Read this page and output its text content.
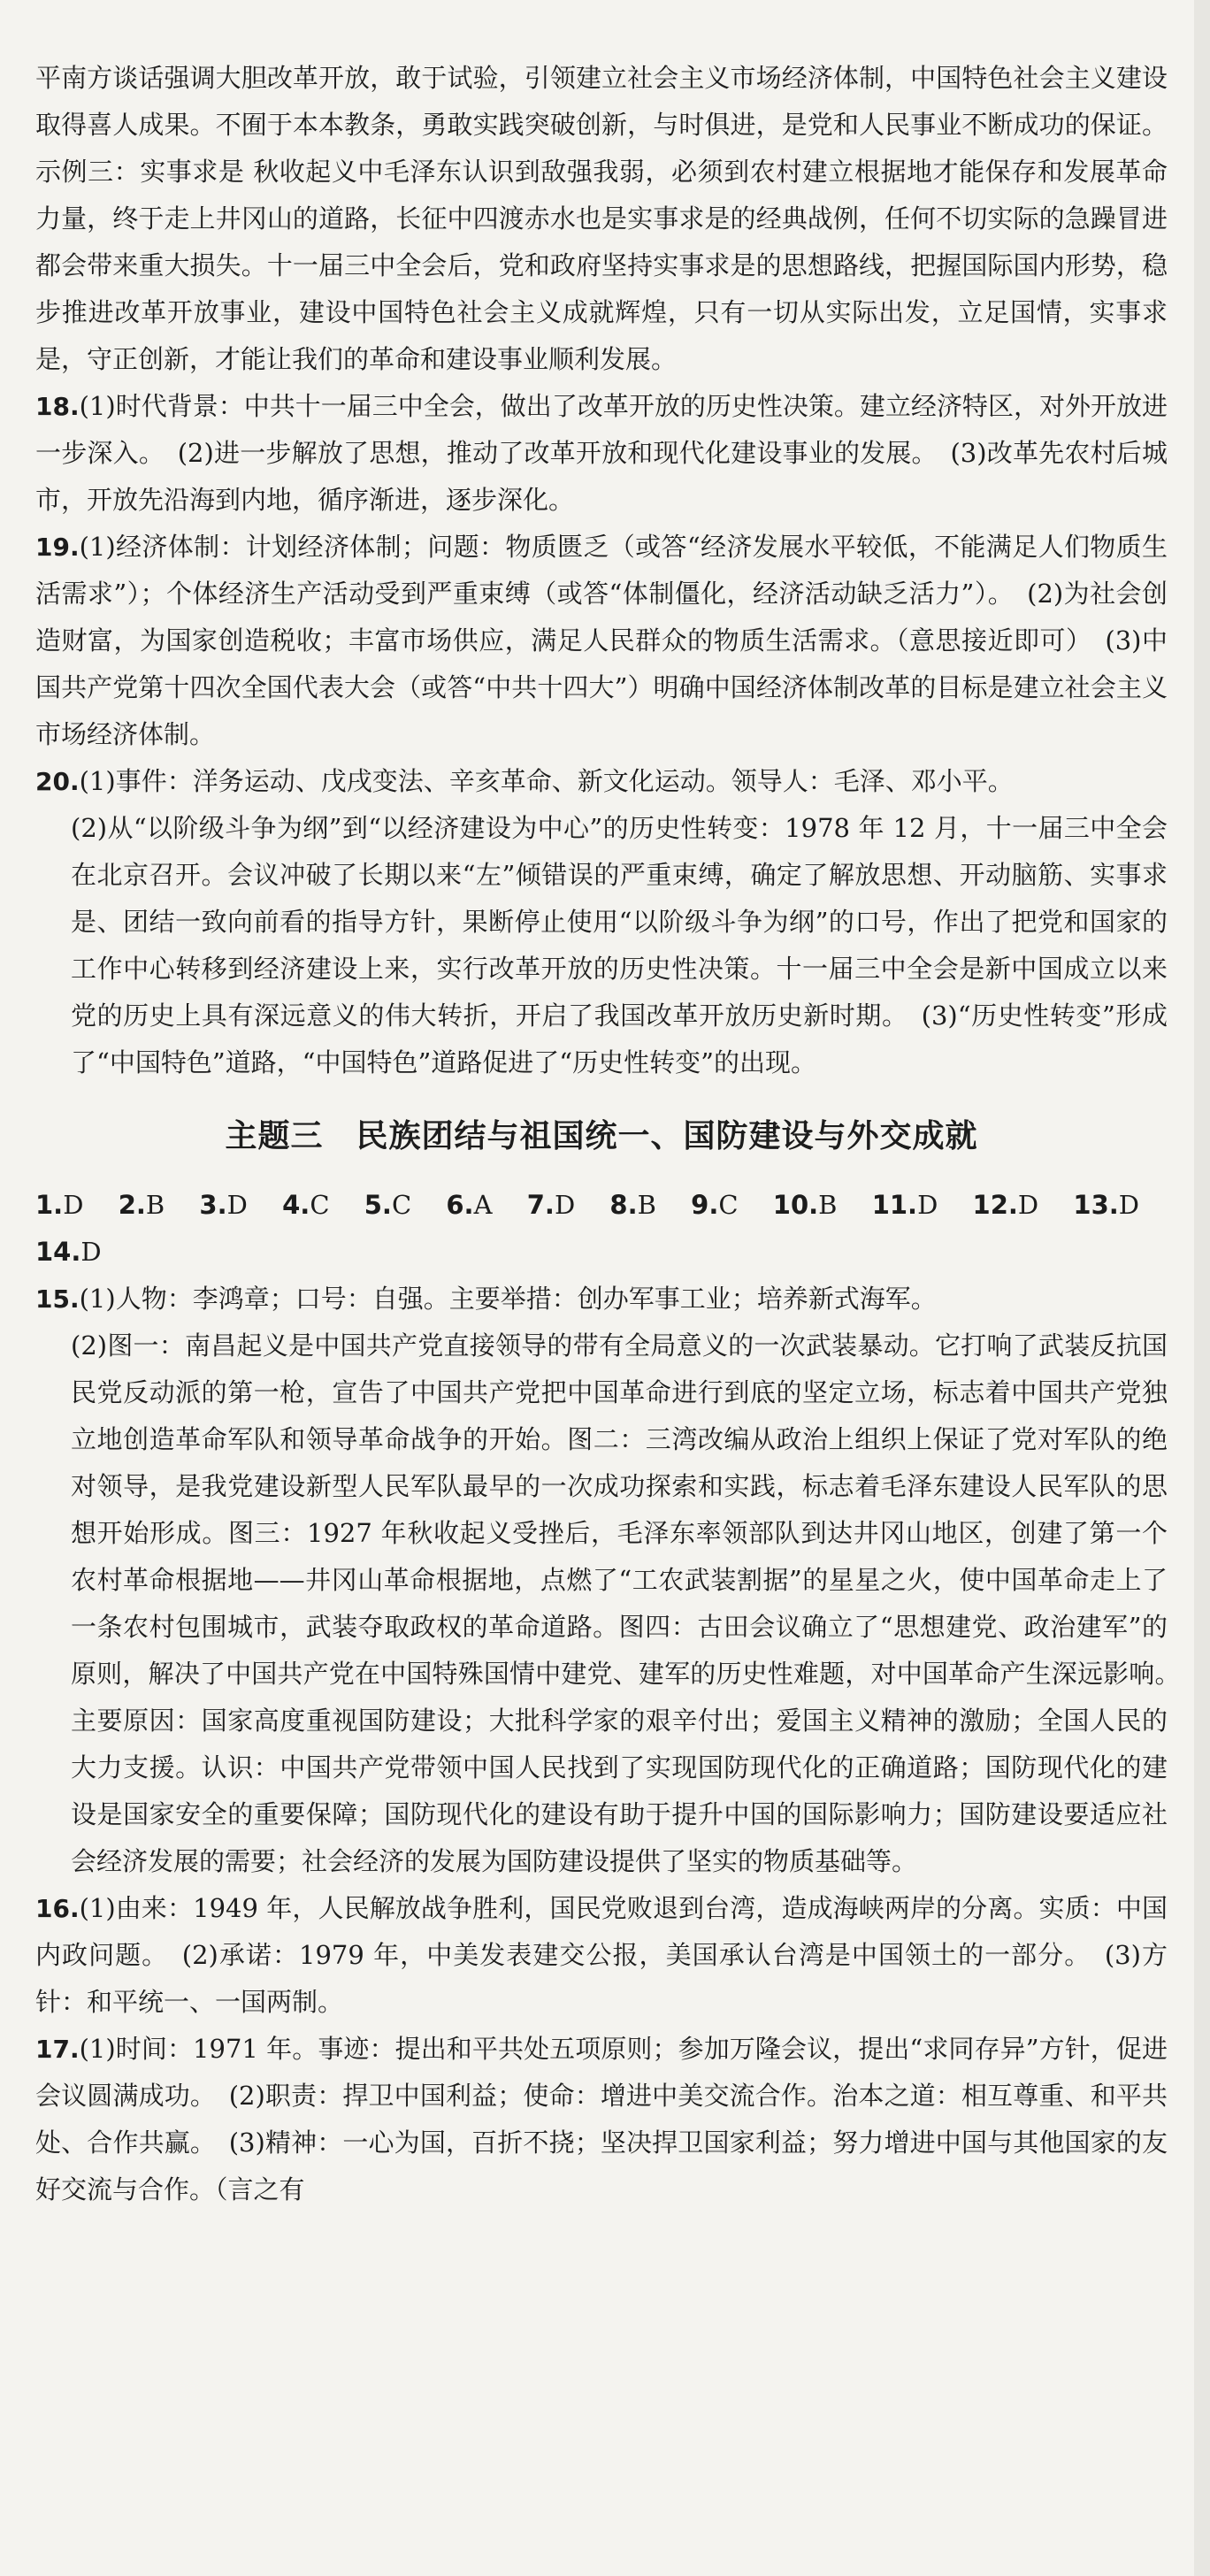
平南方谈话强调大胆改革开放，敢于试验，引领建立社会主义市场经济体制，中国特色社会主义建设取得喜人成果。不囿于本本教条，勇敢实践突破创新，与时俱进，是党和人民事业不断成功的保证。示例三：实事求是 秋收起义中毛泽东认识到敌强我弱，必须到农村建立根据地才能保存和发展革命力量，终于走上井冈山的道路，长征中四渡赤水也是实事求是的经典战例，任何不切实际的急躁冒进都会带来重大损失。十一届三中全会后，党和政府坚持实事求是的思想路线，把握国际国内形势，稳步推进改革开放事业，建设中国特色社会主义成就辉煌，只有一切从实际出发，立足国情，实事求是，守正创新，才能让我们的革命和建设事业顺利发展。

18.(1)时代背景：中共十一届三中全会，做出了改革开放的历史性决策。建立经济特区，对外开放进一步深入。　(2)进一步解放了思想，推动了改革开放和现代化建设事业的发展。　(3)改革先农村后城市，开放先沿海到内地，循序渐进，逐步深化。

19.(1)经济体制：计划经济体制；问题：物质匮乏（或答“经济发展水平较低，不能满足人们物质生活需求”）；个体经济生产活动受到严重束缚（或答“体制僵化，经济活动缺乏活力”）。　(2)为社会创造财富，为国家创造税收；丰富市场供应，满足人民群众的物质生活需求。（意思接近即可）　(3)中国共产党第十四次全国代表大会（或答“中共十四大”）明确中国经济体制改革的目标是建立社会主义市场经济体制。

20.(1)事件：洋务运动、戊戌变法、辛亥革命、新文化运动。领导人：毛泽、邓小平。

(2)从“以阶级斗争为纲”到“以经济建设为中心”的历史性转变：1978 年 12 月，十一届三中全会在北京召开。会议冲破了长期以来“左”倾错误的严重束缚，确定了解放思想、开动脑筋、实事求是、团结一致向前看的指导方针，果断停止使用“以阶级斗争为纲”的口号，作出了把党和国家的工作中心转移到经济建设上来，实行改革开放的历史性决策。十一届三中全会是新中国成立以来党的历史上具有深远意义的伟大转折，开启了我国改革开放历史新时期。　(3)“历史性转变”形成了“中国特色”道路，“中国特色”道路促进了“历史性转变”的出现。

主题三　民族团结与祖国统一、国防建设与外交成就
1.D 2.B 3.D 4.C 5.C 6.A 7.D 8.B 9.C 10.B 11.D 12.D 13.D
14.D

15.(1)人物：李鸿章；口号：自强。主要举措：创办军事工业；培养新式海军。

(2)图一：南昌起义是中国共产党直接领导的带有全局意义的一次武装暴动。它打响了武装反抗国民党反动派的第一枪，宣告了中国共产党把中国革命进行到底的坚定立场，标志着中国共产党独立地创造革命军队和领导革命战争的开始。图二：三湾改编从政治上组织上保证了党对军队的绝对领导，是我党建设新型人民军队最早的一次成功探索和实践，标志着毛泽东建设人民军队的思想开始形成。图三：1927 年秋收起义受挫后，毛泽东率领部队到达井冈山地区，创建了第一个农村革命根据地——井冈山革命根据地，点燃了“工农武装割据”的星星之火，使中国革命走上了一条农村包围城市，武装夺取政权的革命道路。图四：古田会议确立了“思想建党、政治建军”的原则，解决了中国共产党在中国特殊国情中建党、建军的历史性难题，对中国革命产生深远影响。　主要原因：国家高度重视国防建设；大批科学家的艰辛付出；爱国主义精神的激励；全国人民的大力支援。认识：中国共产党带领中国人民找到了实现国防现代化的正确道路；国防现代化的建设是国家安全的重要保障；国防现代化的建设有助于提升中国的国际影响力；国防建设要适应社会经济发展的需要；社会经济的发展为国防建设提供了坚实的物质基础等。

16.(1)由来：1949 年，人民解放战争胜利，国民党败退到台湾，造成海峡两岸的分离。实质：中国内政问题。　(2)承诺：1979 年，中美发表建交公报，美国承认台湾是中国领土的一部分。　(3)方针：和平统一、一国两制。

17.(1)时间：1971 年。事迹：提出和平共处五项原则；参加万隆会议，提出“求同存异”方针，促进会议圆满成功。　(2)职责：捍卫中国利益；使命：增进中美交流合作。治本之道：相互尊重、和平共处、合作共赢。　(3)精神：一心为国，百折不挠；坚决捍卫国家利益；努力增进中国与其他国家的友好交流与合作。（言之有
